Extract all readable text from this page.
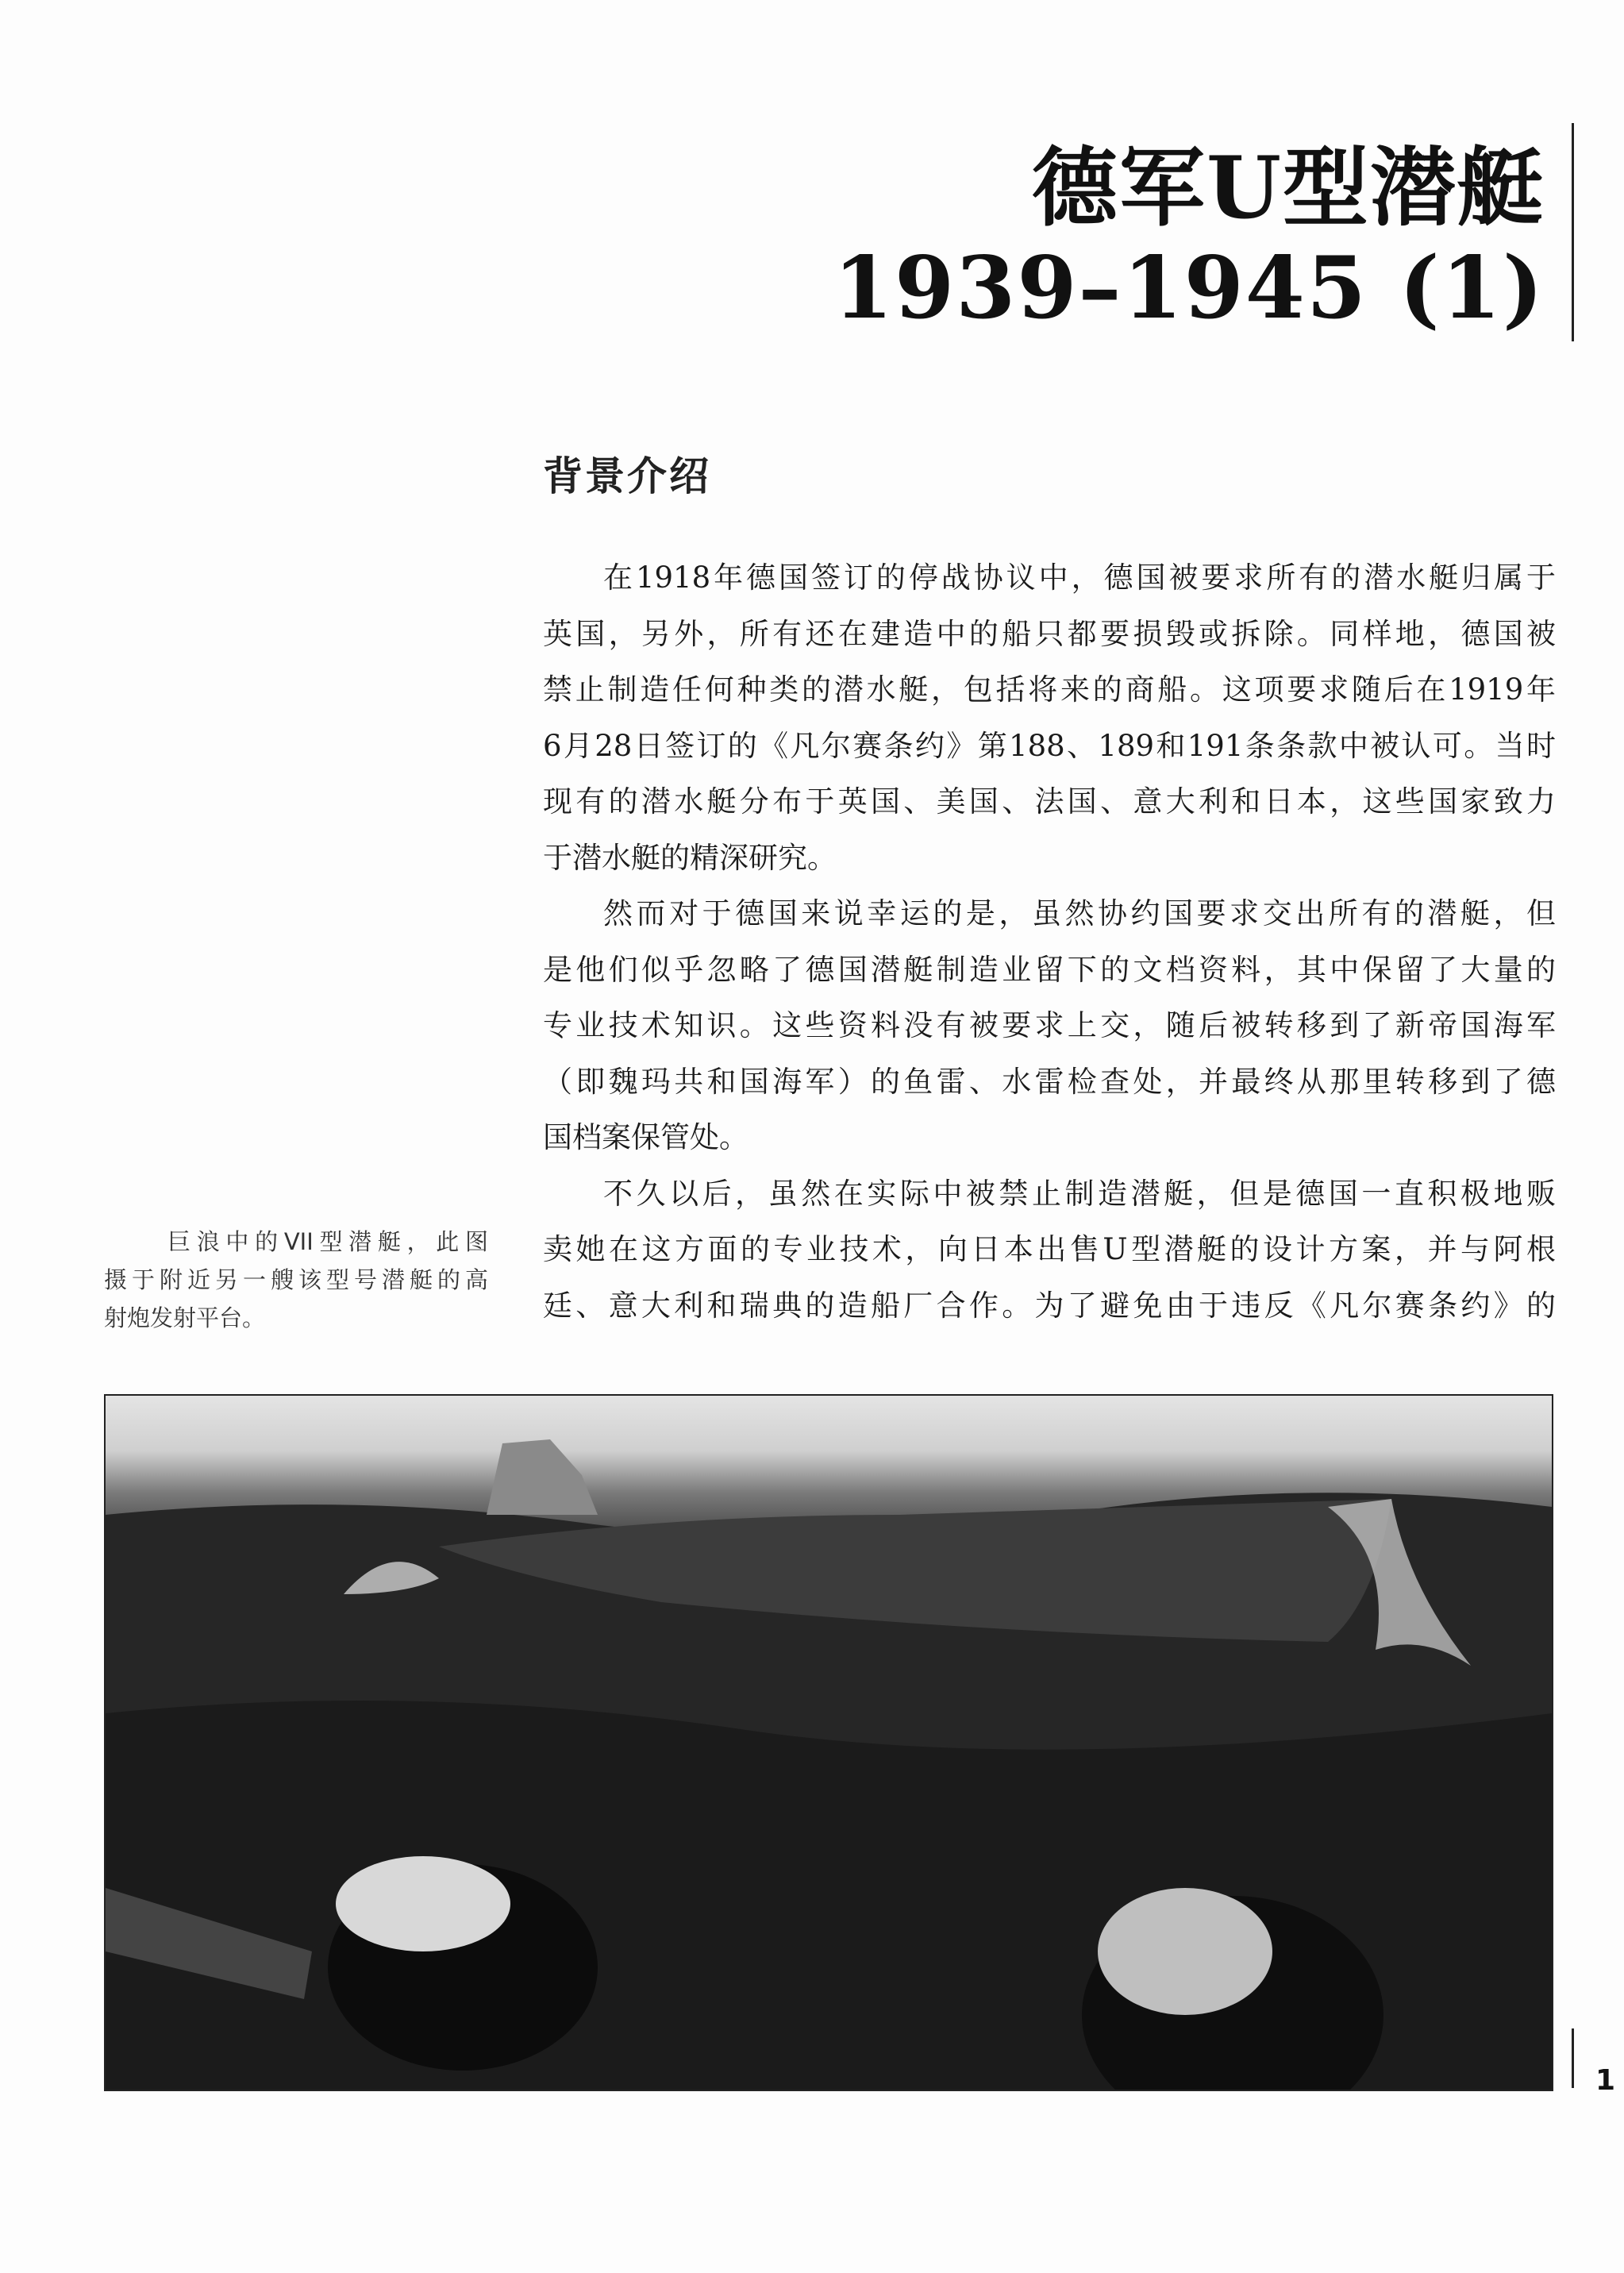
德军U型潜艇
1939–1945 (1)
背景介绍
在1918年德国签订的停战协议中，德国被要求所有的潜水艇归属于
英国，另外，所有还在建造中的船只都要损毁或拆除。同样地，德国被
禁止制造任何种类的潜水艇，包括将来的商船。这项要求随后在1919年
6月28日签订的《凡尔赛条约》第188、189和191条条款中被认可。当时
现有的潜水艇分布于英国、美国、法国、意大利和日本，这些国家致力
于潜水艇的精深研究。
然而对于德国来说幸运的是，虽然协约国要求交出所有的潜艇，但
是他们似乎忽略了德国潜艇制造业留下的文档资料，其中保留了大量的
专业技术知识。这些资料没有被要求上交，随后被转移到了新帝国海军
（即魏玛共和国海军）的鱼雷、水雷检查处，并最终从那里转移到了德
国档案保管处。
不久以后，虽然在实际中被禁止制造潜艇，但是德国一直积极地贩
卖她在这方面的专业技术，向日本出售U型潜艇的设计方案，并与阿根
廷、意大利和瑞典的造船厂合作。为了避免由于违反《凡尔赛条约》的
巨浪中的VII型潜艇，此图
摄于附近另一艘该型号潜艇的高
射炮发射平台。
1
